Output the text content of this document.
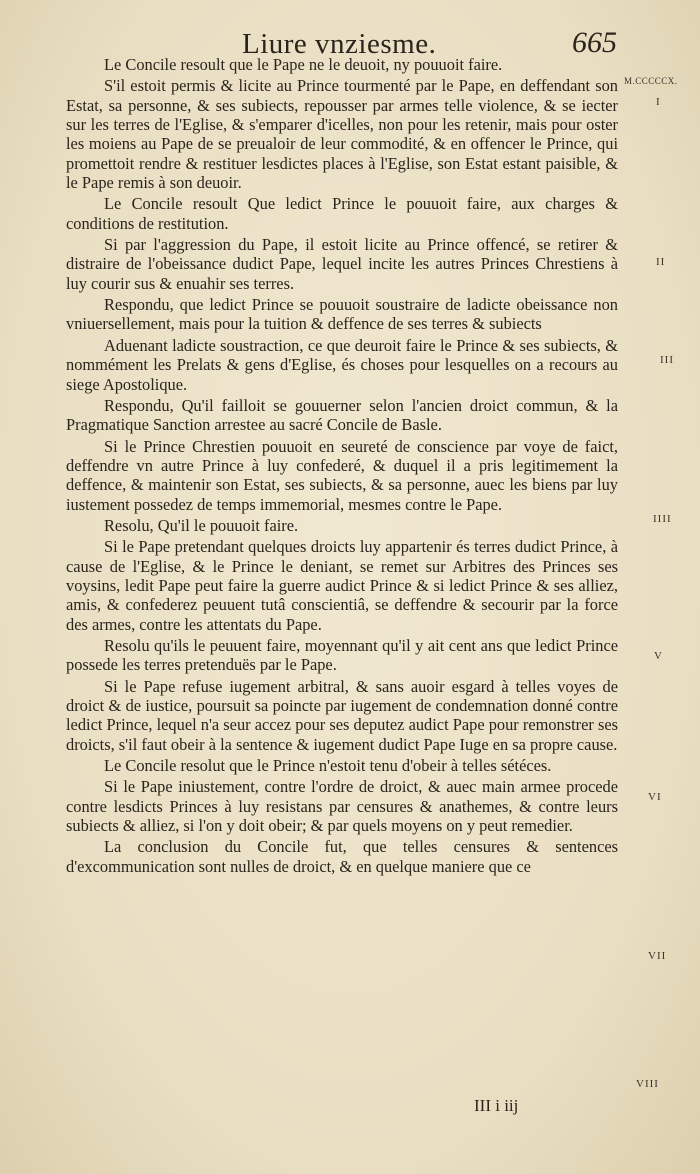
Liure vnziesme.	665
M.CCCCCX.

Le Concile resoult que le Pape ne le deuoit, ny pouuoit faire.

S'il estoit permis & licite au Prince tourmenté par le Pape, en deffendant son Estat, sa personne, & ses subiects, repousser par armes telle violence, & se iecter sur les terres de l'Eglise, & s'emparer d'icelles, non pour les retenir, mais pour oster les moiens au Pape de se preualoir de leur commodité, & en offencer le Prince, qui promettoit rendre & restituer lesdictes places à l'Eglise, son Estat estant paisible, & le Pape remis à son deuoir.

Le Concile resoult Que ledict Prince le pouuoit faire, aux charges & conditions de restitution.

Si par l'aggression du Pape, il estoit licite au Prince offencé, se retirer & distraire de l'obeissance dudict Pape, lequel incite les autres Princes Chrestiens à luy courir sus & enuahir ses terres.

Respondu, que ledict Prince se pouuoit soustraire de ladicte obeissance non vniuersellement, mais pour la tuition & deffence de ses terres & subiects

Aduenant ladicte soustraction, ce que deuroit faire le Prince & ses subiects, & nommément les Prelats & gens d'Eglise, és choses pour lesquelles on a recours au siege Apostolique.

Respondu, Qu'il failloit se gouuerner selon l'ancien droict commun, & la Pragmatique Sanction arrestee au sacré Concile de Basle.

Si le Prince Chrestien pouuoit en seureté de conscience par voye de faict, deffendre vn autre Prince à luy confederé, & duquel il a pris legitimement la deffence, & maintenir son Estat, ses subiects, & sa personne, auec les biens par luy iustement possedez de temps immemorial, mesmes contre le Pape.

Resolu, Qu'il le pouuoit faire.

Si le Pape pretendant quelques droicts luy appartenir és terres dudict Prince, à cause de l'Eglise, & le Prince le deniant, se remet sur Arbitres des Princes ses voysins, ledit Pape peut faire la guerre audict Prince & si ledict Prince & ses alliez, amis, & confederez peuuent tutâ conscientiâ, se deffendre & secourir par la force des armes, contre les attentats du Pape.

Resolu qu'ils le peuuent faire, moyennant qu'il y ait cent ans que ledict Prince possede les terres pretenduës par le Pape.

Si le Pape refuse iugement arbitral, & sans auoir esgard à telles voyes de droict & de iustice, poursuit sa poincte par iugement de condemnation donné contre ledict Prince, lequel n'a seur accez pour ses deputez audict Pape pour remonstrer ses droicts, s'il faut obeir à la sentence & iugement dudict Pape Iuge en sa propre cause.

Le Concile resolut que le Prince n'estoit tenu d'obeir à telles sétéces.

Si le Pape iniustement, contre l'ordre de droict, & auec main armee procede contre lesdicts Princes à luy resistans par censures & anathemes, & contre leurs subiects & alliez, si l'on y doit obeir; & par quels moyens on y peut remedier.

La conclusion du Concile fut, que telles censures & sentences d'excommunication sont nulles de droict, & en quelque maniere que ce

I
II
III
IIII
V
VI
VII
VIII
III i iij
